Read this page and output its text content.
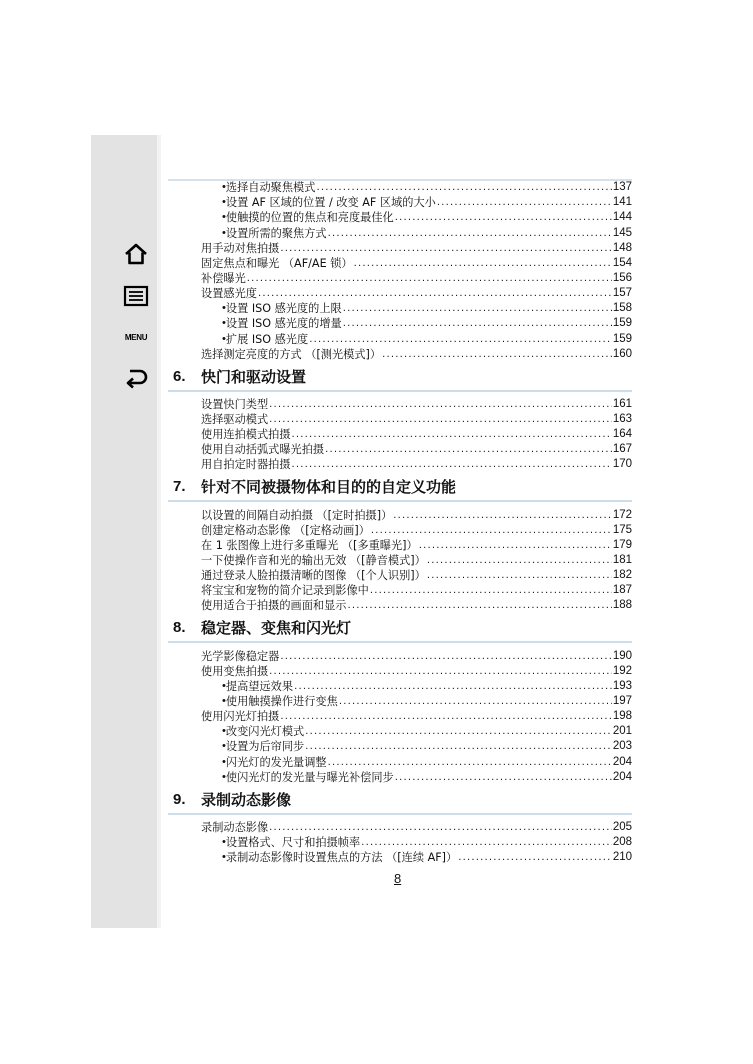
MENU
• 选择自动聚焦模式 .....	137
• 设置 AF 区域的位置 / 改变 AF 区域的大小 .....	141
• 使触摸的位置的焦点和亮度最佳化 .....	144
• 设置所需的聚焦方式 .....	145
用手动对焦拍摄 .....	148
固定焦点和曝光 （AF/AE 锁） .....	154
补偿曝光 .....	156
设置感光度 .....	157
• 设置 ISO 感光度的上限 .....	158
• 设置 ISO 感光度的增量 .....	159
• 扩展 ISO 感光度 .....	159
选择测定亮度的方式 （[测光模式]） .....	160
6. 快门和驱动设置
设置快门类型 .....	161
选择驱动模式 .....	163
使用连拍模式拍摄 .....	164
使用自动括弧式曝光拍摄 .....	167
用自拍定时器拍摄 .....	170
7. 针对不同被摄物体和目的的自定义功能
以设置的间隔自动拍摄 （[定时拍摄]） .....	172
创建定格动态影像 （[定格动画]） .....	175
在 1 张图像上进行多重曝光 （[多重曝光]） .....	179
一下使操作音和光的输出无效 （[静音模式]） .....	181
通过登录人脸拍摄清晰的图像 （[个人识别]） .....	182
将宝宝和宠物的简介记录到影像中 .....	187
使用适合于拍摄的画面和显示 .....	188
8. 稳定器、变焦和闪光灯
光学影像稳定器 .....	190
使用变焦拍摄 .....	192
• 提高望远效果 .....	193
• 使用触摸操作进行变焦 .....	197
使用闪光灯拍摄 .....	198
• 改变闪光灯模式 .....	201
• 设置为后帘同步 .....	203
• 闪光灯的发光量调整 .....	204
• 使闪光灯的发光量与曝光补偿同步 .....	204
9. 录制动态影像
录制动态影像 .....	205
• 设置格式、尺寸和拍摄帧率 .....	208
• 录制动态影像时设置焦点的方法 （[连续 AF]） .....	210
8
